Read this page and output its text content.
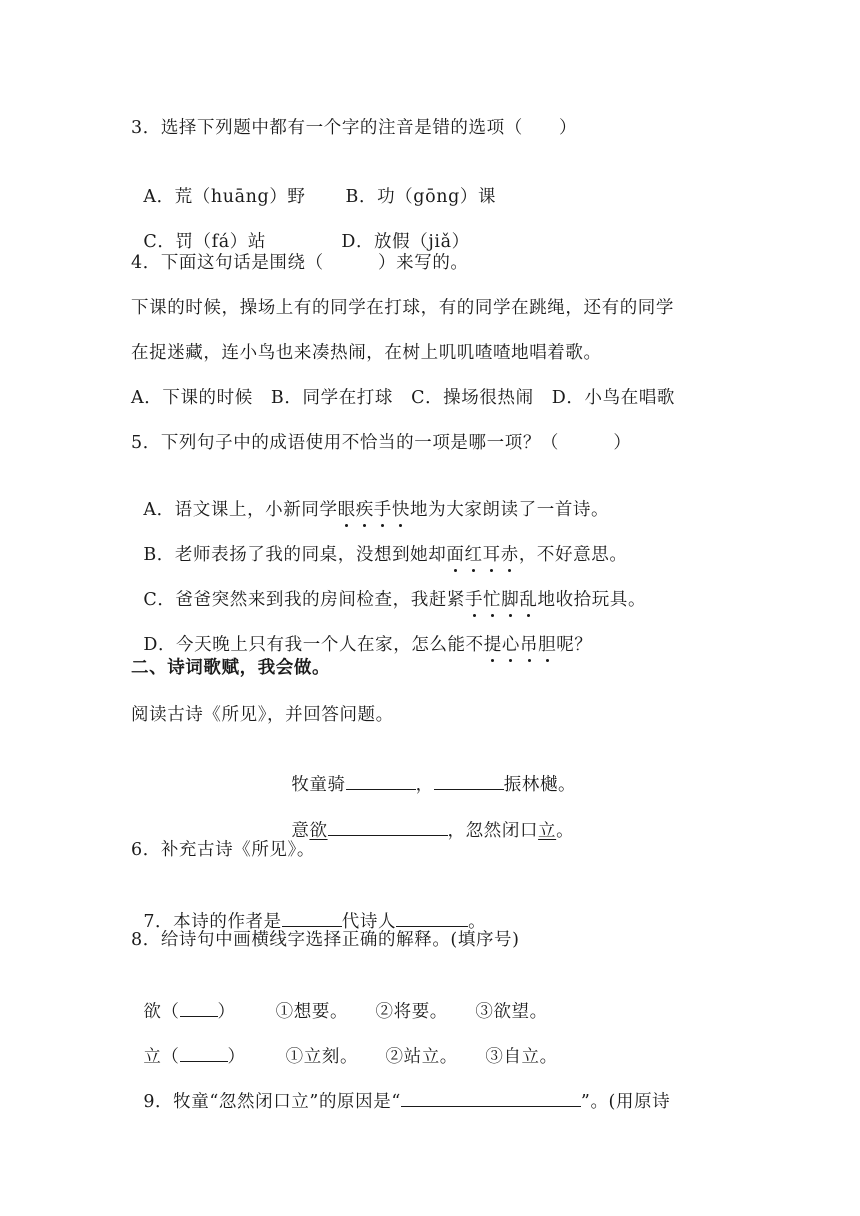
3．选择下列题中都有一个字的注音是错的选项（　　）

A．荒（huāng）野 B．功（gōng）课

C．罚（fá）站	D．放假（jiǎ）

4．下面这句话是围绕（　　　）来写的。
下课的时候，操场上有的同学在打球，有的同学在跳绳，还有的同学
在捉迷藏，连小鸟也来凑热闹，在树上叽叽喳喳地唱着歌。
A．下课的时候　B．同学在打球　C．操场很热闹　D．小鸟在唱歌
5．下列句子中的成语使用不恰当的一项是哪一项？（　　　）

A．语文课上，小新同学眼疾手快地为大家朗读了一首诗。

B．老师表扬了我的同桌，没想到她却面红耳赤，不好意思。

C．爸爸突然来到我的房间检查，我赶紧手忙脚乱地收拾玩具。

D．今天晚上只有我一个人在家，怎么能不提心吊胆呢？

二、诗词歌赋，我会做。
阅读古诗《所见》，并回答问题。

牧童骑	，	振林樾。

意欲	，忽然闭口立。

6．补充古诗《所见》。

7．本诗的作者是	代诗人	。

8．给诗句中画横线字选择正确的解释。(填序号)

欲（ ） ①想要。　　②将要。　　③欲望。

立（	） ①立刻。　　②站立。　　③自立。

9．牧童“忽然闭口立”的原因是“	”。(用原诗
